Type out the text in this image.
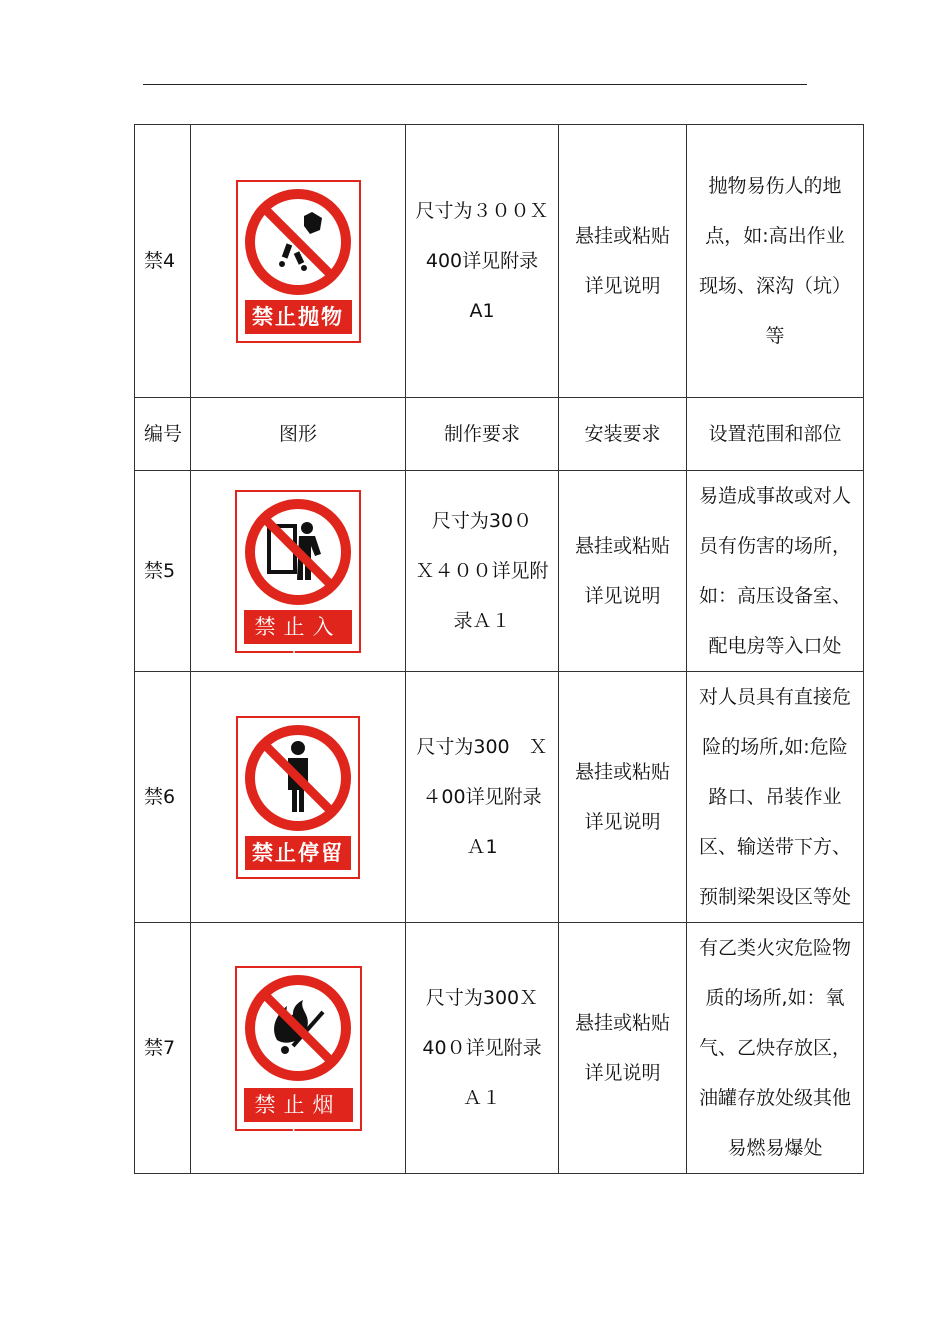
禁4	禁止抛物	尺寸为３００Ｘ
400详见附录
A1	悬挂或粘贴
详见说明	抛物易伤人的地
点，如:高出作业
现场、深沟（坑）
等

编号	图形	制作要求	安装要求	设置范围和部位
禁5	禁止入内	尺寸为30０
Ｘ４００详见附
录Ａ１	悬挂或粘贴
详见说明	易造成事故或对人
员有伤害的场所，
如：高压设备室、
配电房等入口处

禁6	禁止停留	尺寸为300　Ｘ
４00详见附录
Ａ1	悬挂或粘贴
详见说明	对人员具有直接危
险的场所,如:危险
路口、吊装作业
区、输送带下方、
预制梁架设区等处

禁7	禁止烟火	尺寸为300Ｘ
40０详见附录
Ａ１	悬挂或粘贴
详见说明	有乙类火灾危险物
质的场所,如：氧
气、乙炔存放区，
油罐存放处级其他
易燃易爆处
